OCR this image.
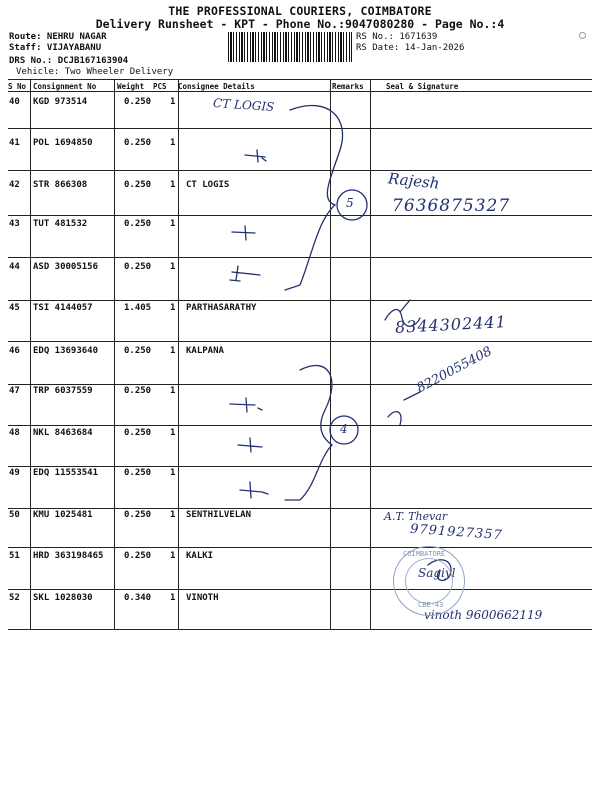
THE PROFESSIONAL COURIERS, COIMBATORE
Delivery Runsheet - KPT - Phone No.:9047080280 - Page No.:4
Route: NEHRU NAGAR
Staff: VIJAYABANU
DRS No.: DCJB167163904
Vehicle: Two Wheeler Delivery
RS No.: 1671639
RS Date: 14-Jan-2026
S No Consignment No	Weight PCS Consignee Details	Remarks	Seal & Signature
40 KGD 973514	0.250 1
41 POL 1694850	0.250 1
42 STR 866308	0.250 1 CT LOGIS
43 TUT 481532	0.250 1
44 ASD 30005156	0.250 1
45 TSI 4144057	1.405 1 PARTHASARATHY
46 EDQ 13693640	0.250 1 KALPANA
47 TRP 6037559	0.250 1
48 NKL 8463684	0.250 1
49 EDQ 11553541	0.250 1
50 KMU 1025481	0.250 1 SENTHILVELAN
51 HRD 363198465 0.250 1 KALKI
52 SKL 1028030	0.340 1 VINOTH
CT LOGIS
5
4
Rajesh
7636875327
8344302441
8220055408
A.T. Thevar
9791927357
Sagiyl
vinoth 9600662119
COIMBATORE
CBE-43
